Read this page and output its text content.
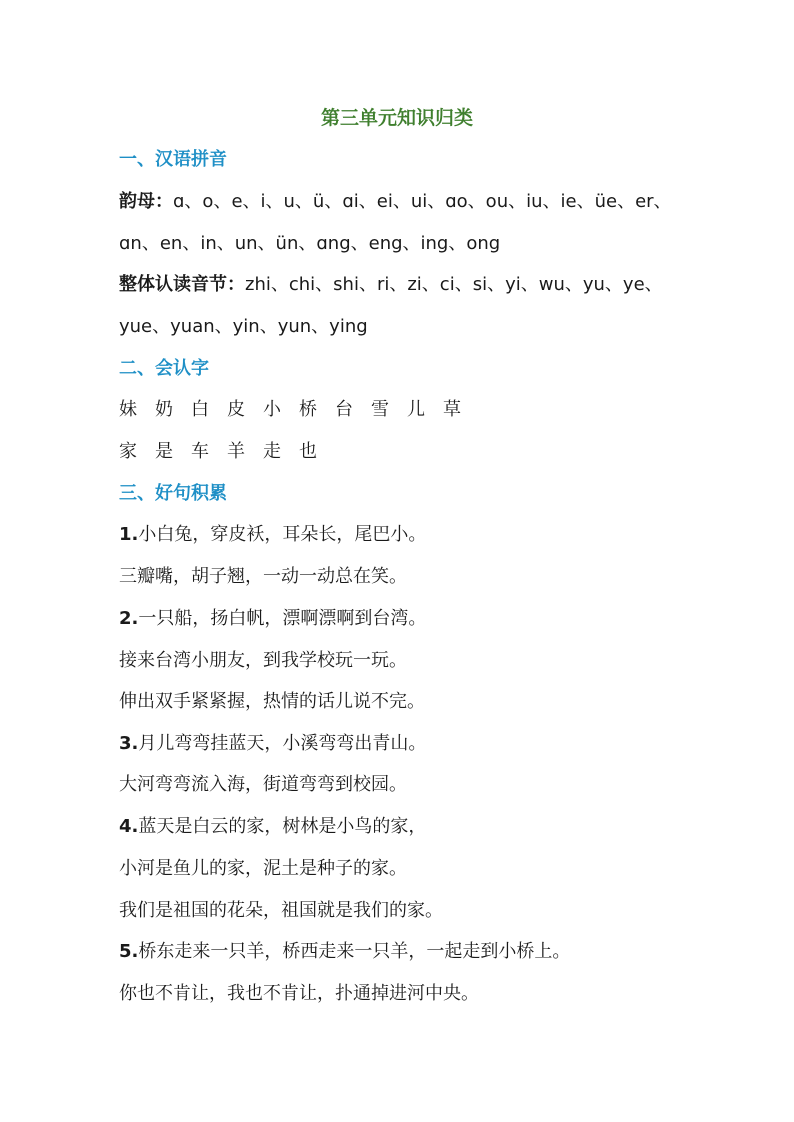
第三单元知识归类
一、汉语拼音
韵母：ɑ、o、e、i、u、ü、ɑi、ei、ui、ɑo、ou、iu、ie、üe、er、
ɑn、en、in、un、ün、ɑng、eng、ing、ong
整体认读音节：zhi、chi、shi、ri、zi、ci、si、yi、wu、yu、ye、
yue、yuan、yin、yun、ying
二、会认字
妹 奶 白 皮 小 桥 台 雪 儿 草
家 是 车 羊 走 也
三、好句积累
1.小白兔，穿皮袄，耳朵长，尾巴小。
三瓣嘴，胡子翘，一动一动总在笑。
2.一只船，扬白帆，漂啊漂啊到台湾。
接来台湾小朋友，到我学校玩一玩。
伸出双手紧紧握，热情的话儿说不完。
3.月儿弯弯挂蓝天，小溪弯弯出青山。
大河弯弯流入海，街道弯弯到校园。
4.蓝天是白云的家，树林是小鸟的家，
小河是鱼儿的家，泥土是种子的家。
我们是祖国的花朵，祖国就是我们的家。
5.桥东走来一只羊，桥西走来一只羊，一起走到小桥上。
你也不肯让，我也不肯让，扑通掉进河中央。
